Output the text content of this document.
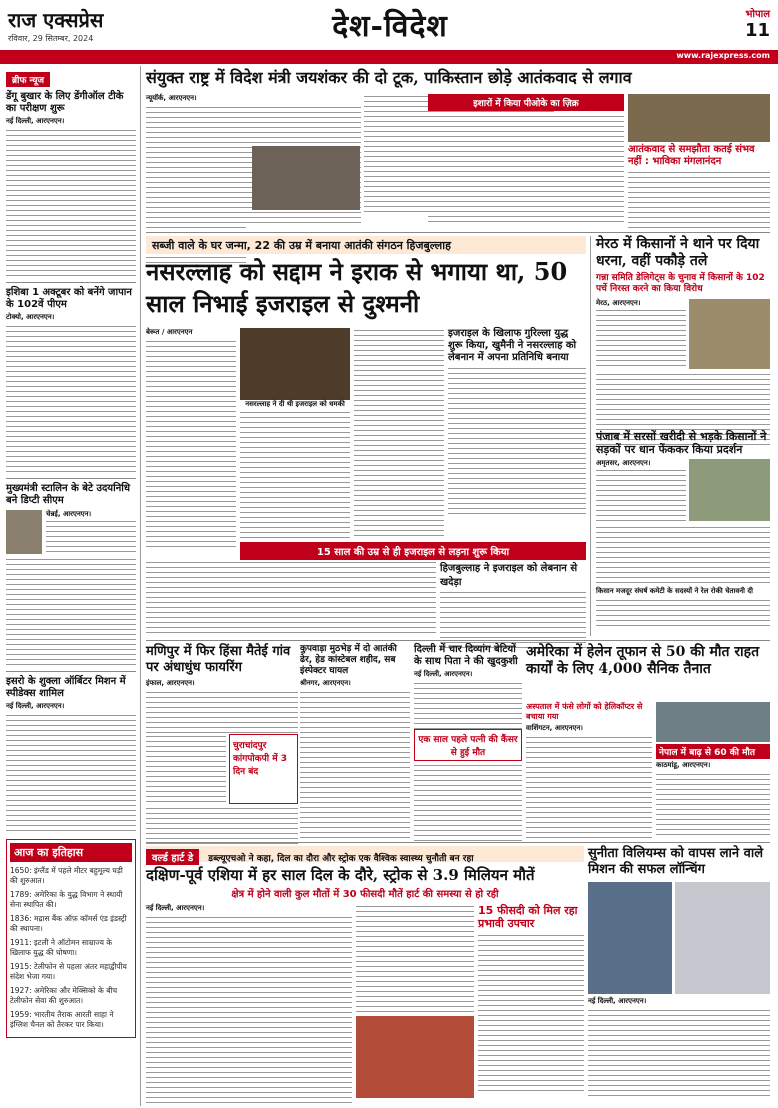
राज एक्सप्रेस
रविवार, 29 सितम्बर, 2024	देश-विदेश	भोपाल
11
www.rajexpress.com
ब्रीफ न्यूज
डेंगू बुखार के लिए डेंगीऑल टीके का परीक्षण शुरू
नई दिल्ली, आरएनएन।
इशिबा 1 अक्टूबर को बनेंगे जापान के 102वें पीएम
टोक्यो, आरएनएन।
मुख्यमंत्री स्टालिन के बेटे उदयनिधि बने डिप्टी सीएम
चेन्नई, आरएनएन।
इसरो के शुक्ला ऑर्बिटर मिशन में स्पीडेक्स शामिल
नई दिल्ली, आरएनएन।
आज का इतिहास
1650: इंग्लैंड में पहले मीटर बहुमूल्य घड़ी की शुरुआत।
1789: अमेरिका के युद्ध विभाग ने स्थायी सेना स्थापित की।
1836: मद्रास बैंक ऑफ़ कॉमर्स एंड इंडस्ट्री की स्थापना।
1911: इटली ने ऑटोमन साम्राज्य के खिलाफ युद्ध की घोषणा।
1915: टेलीफोन से पहला अंतर महाद्वीपीय संदेश भेजा गया।
1927: अमेरिका और मेक्सिको के बीच टेलीफोन सेवा की शुरुआत।
1959: भारतीय तैराक आरती साहा ने इंग्लिश चैनल को तैरकर पार किया।
संयुक्त राष्ट्र में विदेश मंत्री जयशंकर की दो टूक, पाकिस्तान छोड़े आतंकवाद से लगाव
न्यूयॉर्क, आरएनएन।
इशारों में किया पीओके का ज़िक्र
आतंकवाद से समझौता कतई संभव नहीं : भाविका मंगलानंदन
सब्जी वाले के घर जन्मा, 22 की उम्र में बनाया आतंकी संगठन हिजबुल्लाह
नसरल्लाह को सद्दाम ने इराक से भगाया था, 50 साल निभाई इजराइल से दुश्मनी
बेरूत / आरएनएन
नसरल्लाह ने दी थी इजराइल को धमकी
इजराइल के खिलाफ गुरिल्ला युद्ध शुरू किया, खुमैनी ने नसरल्लाह को लेबनान में अपना प्रतिनिधि बनाया
15 साल की उम्र से ही इजराइल से लड़ना शुरू किया
हिजबुल्लाह ने इजराइल को लेबनान से खदेड़ा
मेरठ में किसानों ने थाने पर दिया धरना, वहीं पकौड़े तले
गन्ना समिति डेलिगेट्स के चुनाव में किसानों के 102 पर्चे निरस्त करने का किया विरोध
मेरठ, आरएनएन।
पंजाब में सरसों खरीदी से भड़के किसानों ने सड़कों पर धान फेंककर किया प्रदर्शन
अमृतसर, आरएनएन।
किसान मजदूर संघर्ष कमेटी के सदस्यों ने रेल रोकी चेतावनी दी
मणिपुर में फिर हिंसा मैतेई गांव पर अंधाधुंध फायरिंग
इंफाल, आरएनएन।
चुराचांदपुर कांगपोकपी में 3 दिन बंद
कुपवाड़ा मुठभेड़ में दो आतंकी ढेर, हेड कांस्टेबल शहीद, सब इंस्पेक्टर घायल
श्रीनगर, आरएनएन।
दिल्ली में चार दिव्यांग बेटियों के साथ पिता ने की खुदकुशी
नई दिल्ली, आरएनएन।
एक साल पहले पत्नी की कैंसर से हुई मौत
अमेरिका में हेलेन तूफान से 50 की मौत राहत कार्यों के लिए 4,000 सैनिक तैनात
अस्पताल में फंसे लोगों को हेलिकॉप्टर से बचाया गया
वाशिंगटन, आरएनएन।
नेपाल में बाढ़ से 60 की मौत
काठमांडू, आरएनएन।
वर्ल्ड हार्ट डे डब्ल्यूएचओ ने कहा, दिल का दौरा और स्ट्रोक एक वैश्विक स्वास्थ्य चुनौती बन रहा
दक्षिण-पूर्व एशिया में हर साल दिल के दौरे, स्ट्रोक से 3.9 मिलियन मौतें
क्षेत्र में होने वाली कुल मौतों में 30 फीसदी मौतें हार्ट की समस्या से हो रही
नई दिल्ली, आरएनएन।	15 फीसदी को मिल रहा प्रभावी उपचार
सुनीता विलियम्स को वापस लाने वाले मिशन की सफल लॉन्चिंग
नई दिल्ली, आरएनएन।
